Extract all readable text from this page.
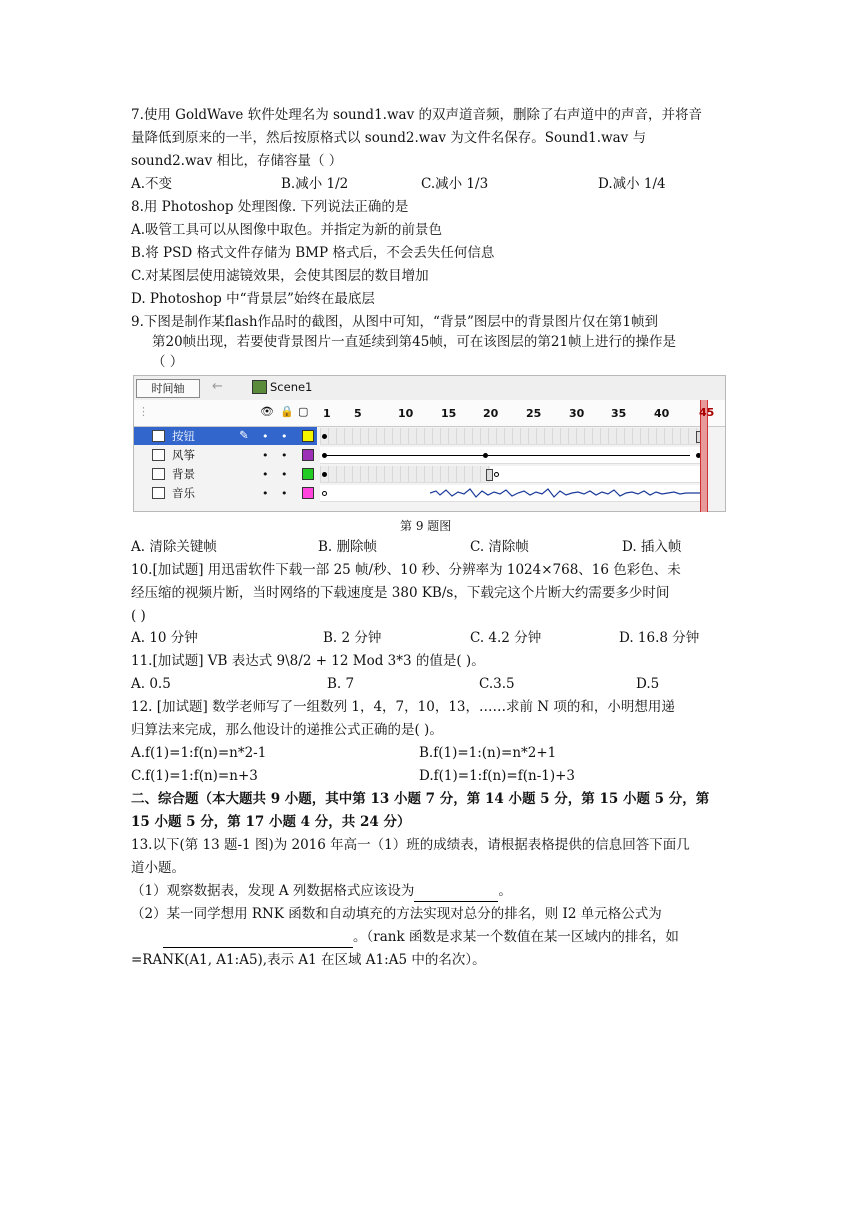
7.使用 GoldWave 软件处理名为 sound1.wav 的双声道音频，删除了右声道中的声音，并将音
量降低到原来的一半，然后按原格式以 sound2.wav 为文件名保存。Sound1.wav 与
sound2.wav 相比，存储容量（ ）
A.不变	B.减小 1/2	C.减小 1/3	D.减小 1/4
8.用 Photoshop 处理图像. 下列说法正确的是
A.吸管工具可以从图像中取色。并指定为新的前景色
B.将 PSD 格式文件存储为 BMP 格式后，不会丢失任何信息
C.对某图层使用滤镜效果，会使其图层的数目增加
D. Photoshop 中“背景层”始终在最底层
9.下图是制作某flash作品时的截图，从图中可知，“背景”图层中的背景图片仅在第1帧到
第20帧出现，若要使背景图片一直延续到第45帧，可在该图层的第21帧上进行的操作是
（ ）
时间轴	←	Scene1
⋮	👁 🔒 ▢ 1 5	10	15 20	25	30 35	40
按钮	✎ • •
风筝	• •
背景	• •
音乐	• •
45
第 9 题图
A. 清除关键帧	B. 删除帧	C. 清除帧	D. 插入帧
10.[加试题] 用迅雷软件下载一部 25 帧/秒、10 秒、分辨率为 1024×768、16 色彩色、未
经压缩的视频片断，当时网络的下载速度是 380 KB/s，下载完这个片断大约需要多少时间
( )
A. 10 分钟	B. 2 分钟	C. 4.2 分钟	D. 16.8 分钟
11.[加试题] VB 表达式 9\8/2 + 12 Mod 3*3 的值是( )。
A. 0.5	B. 7	C.3.5	D.5
12. [加试题] 数学老师写了一组数列 1，4，7，10，13，……求前 N 项的和，小明想用递
归算法来完成，那么他设计的递推公式正确的是( )。
A.f(1)=1:f(n)=n*2-1	B.f(1)=1:(n)=n*2+1
C.f(1)=1:f(n)=n+3	D.f(1)=1:f(n)=f(n-1)+3
二、综合题（本大题共 9 小题，其中第 13 小题 7 分，第 14 小题 5 分，第 15 小题 5 分，第
15 小题 5 分，第 17 小题 4 分，共 24 分）
13.以下(第 13 题-1 图)为 2016 年高一（1）班的成绩表，请根据表格提供的信息回答下面几
道小题。
（1）观察数据表，发现 A 列数据格式应该设为	。
（2）某一同学想用 RNK 函数和自动填充的方法实现对总分的排名，则 I2 单元格公式为
。（rank 函数是求某一个数值在某一区域内的排名，如
=RANK(A1, A1:A5),表示 A1 在区域 A1:A5 中的名次）。
